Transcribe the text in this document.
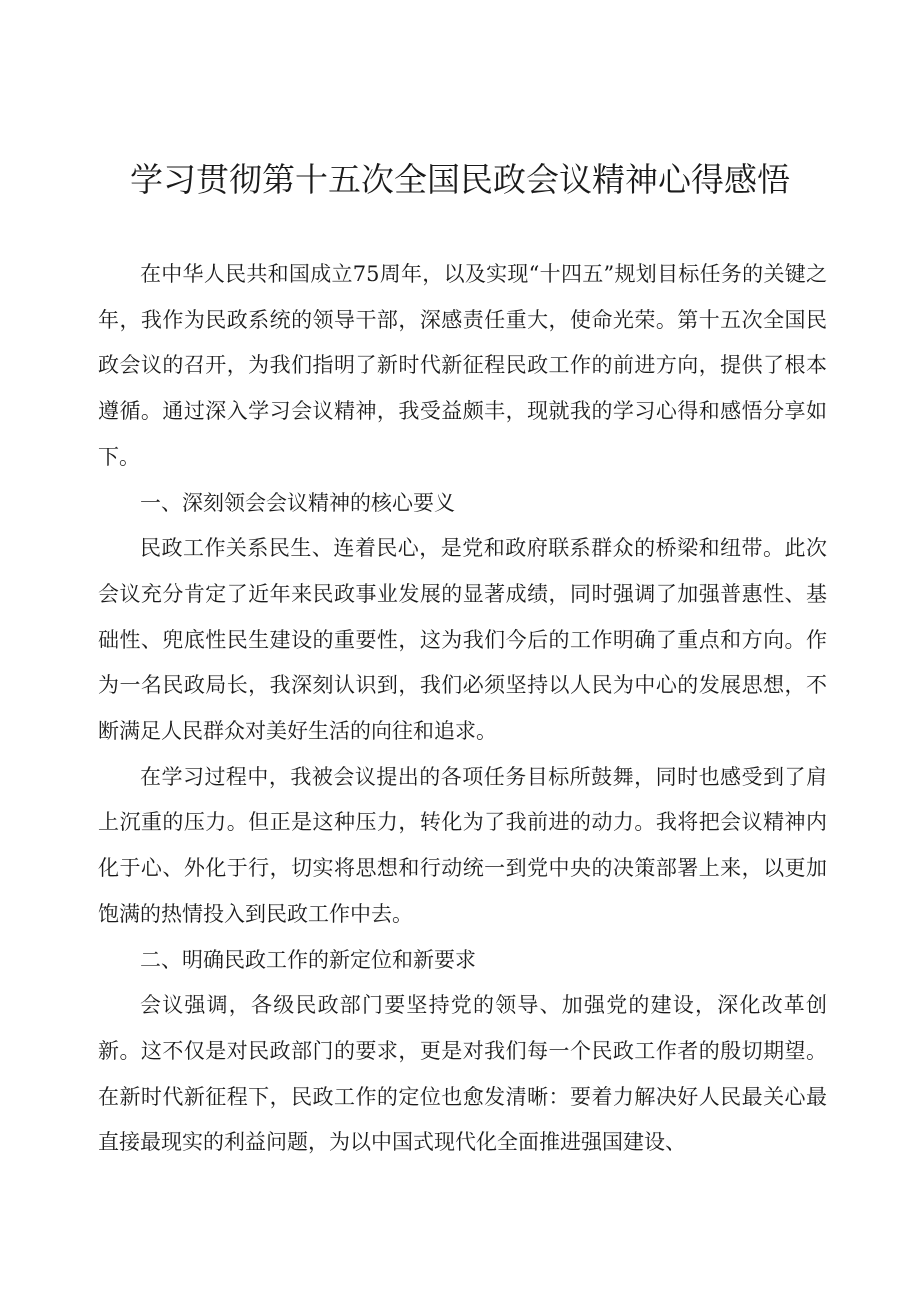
学习贯彻第十五次全国民政会议精神心得感悟

在中华人民共和国成立75周年，以及实现“十四五”规划目标任务的关键之年，我作为民政系统的领导干部，深感责任重大，使命光荣。第十五次全国民政会议的召开，为我们指明了新时代新征程民政工作的前进方向，提供了根本遵循。通过深入学习会议精神，我受益颇丰，现就我的学习心得和感悟分享如下。

一、深刻领会会议精神的核心要义

民政工作关系民生、连着民心，是党和政府联系群众的桥梁和纽带。此次会议充分肯定了近年来民政事业发展的显著成绩，同时强调了加强普惠性、基础性、兜底性民生建设的重要性，这为我们今后的工作明确了重点和方向。作为一名民政局长，我深刻认识到，我们必须坚持以人民为中心的发展思想，不断满足人民群众对美好生活的向往和追求。

在学习过程中，我被会议提出的各项任务目标所鼓舞，同时也感受到了肩上沉重的压力。但正是这种压力，转化为了我前进的动力。我将把会议精神内化于心、外化于行，切实将思想和行动统一到党中央的决策部署上来，以更加饱满的热情投入到民政工作中去。

二、明确民政工作的新定位和新要求

会议强调，各级民政部门要坚持党的领导、加强党的建设，深化改革创新。这不仅是对民政部门的要求，更是对我们每一个民政工作者的殷切期望。在新时代新征程下，民政工作的定位也愈发清晰：要着力解决好人民最关心最直接最现实的利益问题，为以中国式现代化全面推进强国建设、
